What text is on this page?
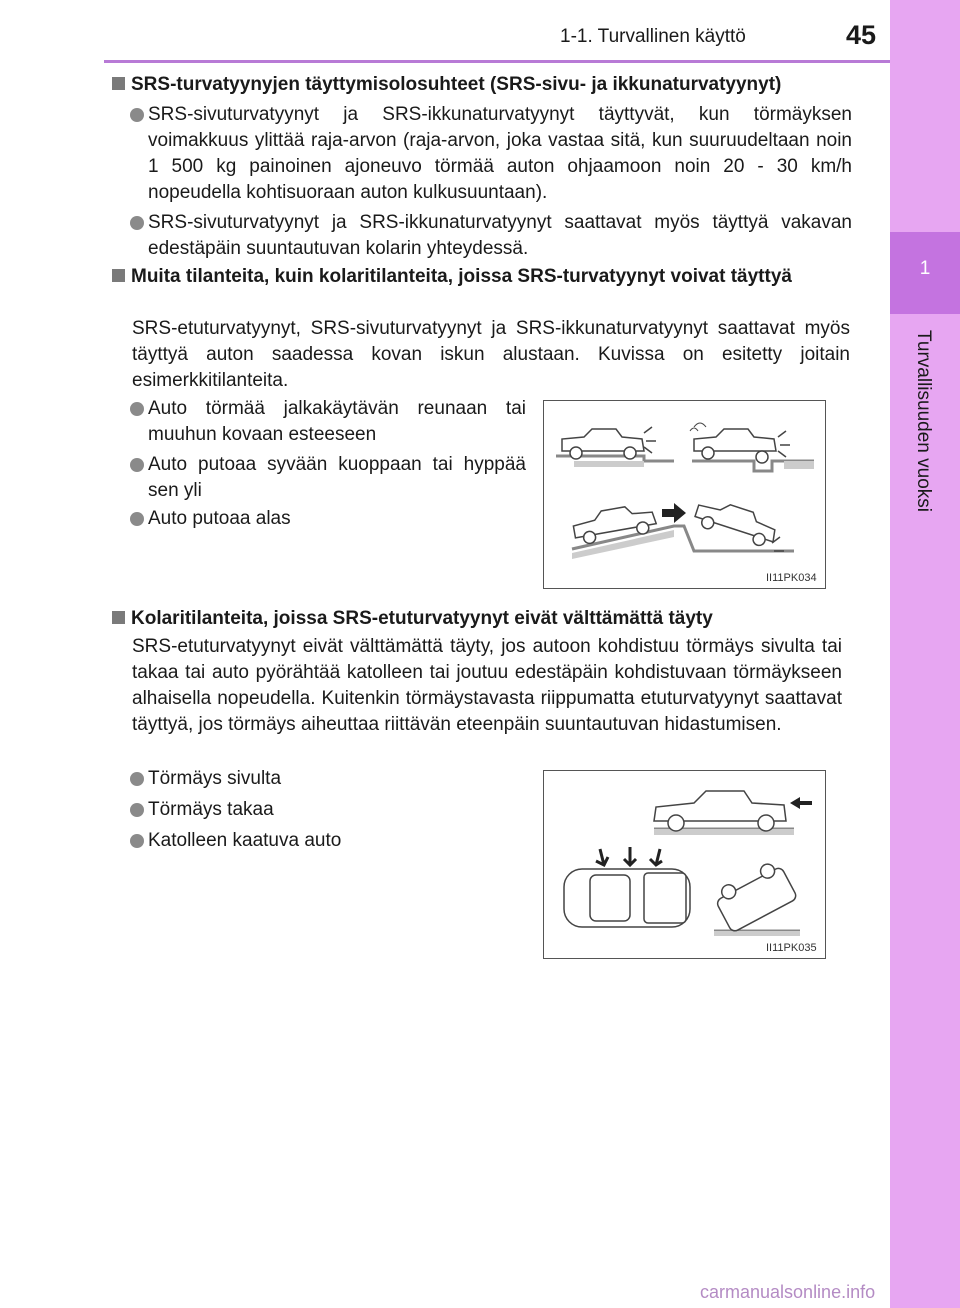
1-1. Turvallinen käyttö	45
1
Turvallisuuden vuoksi
SRS-turvatyynyjen täyttymisolosuhteet (SRS-sivu- ja ikkunaturvatyynyt)
SRS-sivuturvatyynyt ja SRS-ikkunaturvatyynyt täyttyvät, kun törmäyksen voimakkuus ylittää raja-arvon (raja-arvon, joka vastaa sitä, kun suuruudeltaan noin 1 500 kg painoinen ajoneuvo törmää auton ohjaamoon noin 20 - 30 km/h nopeudella kohtisuoraan auton kulkusuuntaan).
SRS-sivuturvatyynyt ja SRS-ikkunaturvatyynyt saattavat myös täyttyä vakavan edestäpäin suuntautuvan kolarin yhteydessä.
Muita tilanteita, kuin kolaritilanteita, joissa SRS-turvatyynyt voivat täyttyä
SRS-etuturvatyynyt, SRS-sivuturvatyynyt ja SRS-ikkunaturvatyynyt saattavat myös täyttyä auton saadessa kovan iskun alustaan. Kuvissa on esitetty joitain esimerkkitilanteita.
Auto törmää jalkakäytävän reunaan tai muuhun kovaan esteeseen
Auto putoaa syvään kuoppaan tai hyppää sen yli
Auto putoaa alas
II11PK034
Kolaritilanteita, joissa SRS-etuturvatyynyt eivät välttämättä täyty
SRS-etuturvatyynyt eivät välttämättä täyty, jos autoon kohdistuu törmäys sivulta tai takaa tai auto pyörähtää katolleen tai joutuu edestäpäin kohdistuvaan törmäykseen alhaisella nopeudella. Kuitenkin törmäystavasta riippumatta etuturvatyynyt saattavat täyttyä, jos törmäys aiheuttaa riittävän eteenpäin suuntautuvan hidastumisen.
Törmäys sivulta
Törmäys takaa
Katolleen kaatuva auto
II11PK035
carmanualsonline.info
